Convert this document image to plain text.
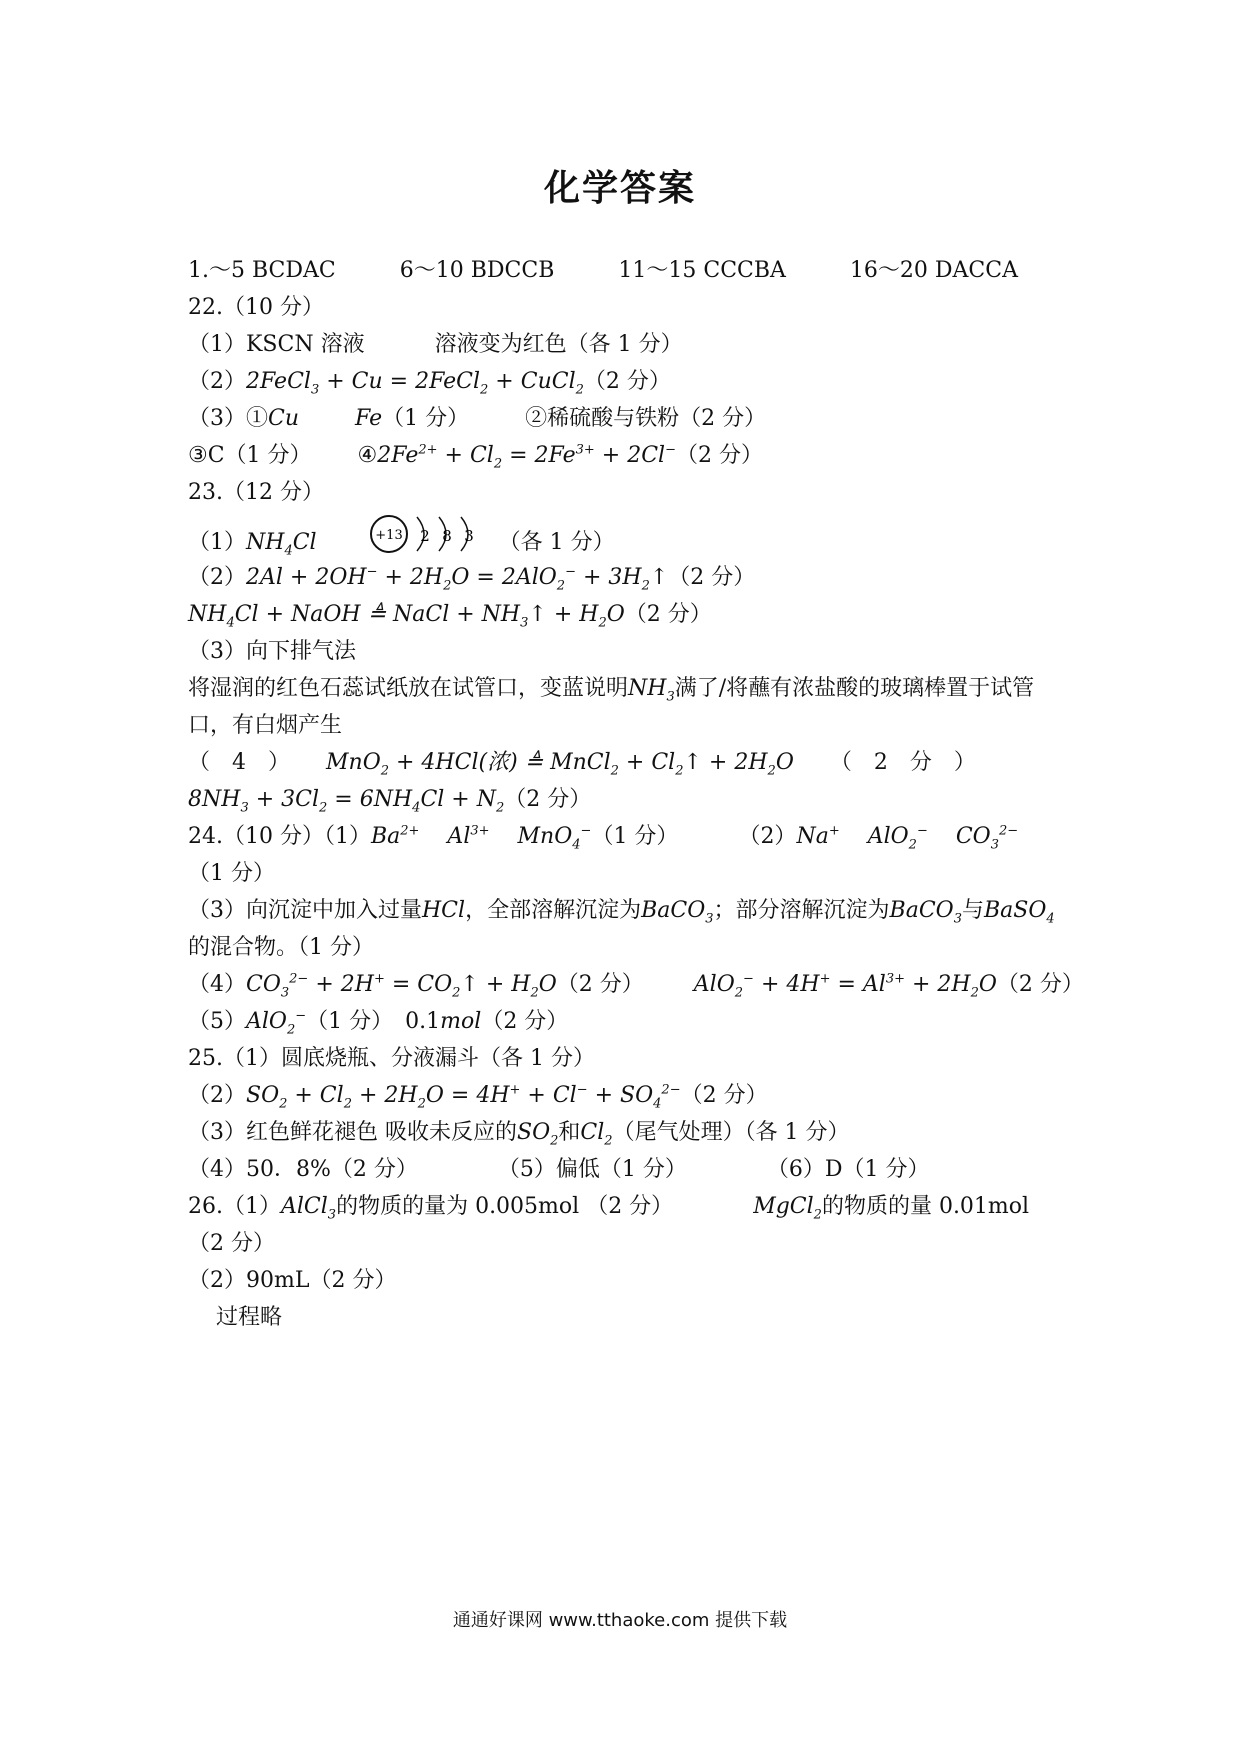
化学答案
1.～5 BCDAC	6～10 BDCCB	11～15 CCCBA	16～20 DACCA
22.（10 分）
（1）KSCN 溶液	溶液变为红色（各 1 分）
（2）2FeCl$_3$ + Cu = 2FeCl$_2$ + CuCl$_2$（2 分）
（3）①Cu	Fe（1 分）	②稀硫酸与铁粉（2 分）
③C（1 分） $④2Fe^{2+} + Cl_2 = 2Fe^{3+} + 2Cl^-(2$ 分）
23.（12 分）
$(1)NH_4Cl$	+13 2 8 3 （各 1 分）
$(2)2Al + 2OH^- + 2H_2O = 2AlO_2^-$ + $3H_2↑(2$ 分）
$NH_4Cl$ + NaOH ≜ NaCl + $NH_3↑ + H_2O(2$ 分）
（3）向下排气法
将湿润的红色石蕊试纸放在试管口，变蓝说明$NH_3$满了/将蘸有浓盐酸的玻璃棒置于试管口，有白烟产生
（　4　） MnO$_2$ + 4HCl(浓) ≜ MnCl$_2$ + $Cl_2↑ + 2H_2O$ （　2　分　）
$8NH_3 + 3Cl_2 = 6NH_4Cl + N_2(2$ 分）
24.（10 分）$(1)Ba^{2+}$    $Al^{3+}$    MnO$_4$−（1 分）	（2）Na+    AlO$_2$−    $CO_3^{2-}$
（1 分）
（3）向沉淀中加入过量HCl，全部溶解沉淀为BaCO$_3$；部分溶解沉淀为BaCO$_3$与BaSO$_4$的混合物。（1 分）
$(4)CO_3^{2-} + 2H^+$ = $CO_2↑ + H_2O(2$ 分） $AlO_2^- + 4H^+ = Al^{3+} + 2H_2O(2$ 分）
（5）AlO$_2$−（1 分） 0.1mol（2 分）
25.（1）圆底烧瓶、分液漏斗（各 1 分）
$(2)SO_2 + Cl_2 + 2H_2O = 4H^+ + Cl^- + SO_4^{2-}(2$ 分）
（3）红色鲜花褪色 吸收未反应的$SO_2$和$Cl_2$（尾气处理）（各 1 分）
（4）50．8%（2 分）	（5）偏低（1 分）	（6）D（1 分）
26.（1）AlCl$_3$的物质的量为 0.005mol （2 分）	MgCl$_2$的物质的量 0.01mol
（2 分）
（2）90mL（2 分）
过程略
通通好课网 www.tthaoke.com 提供下载
